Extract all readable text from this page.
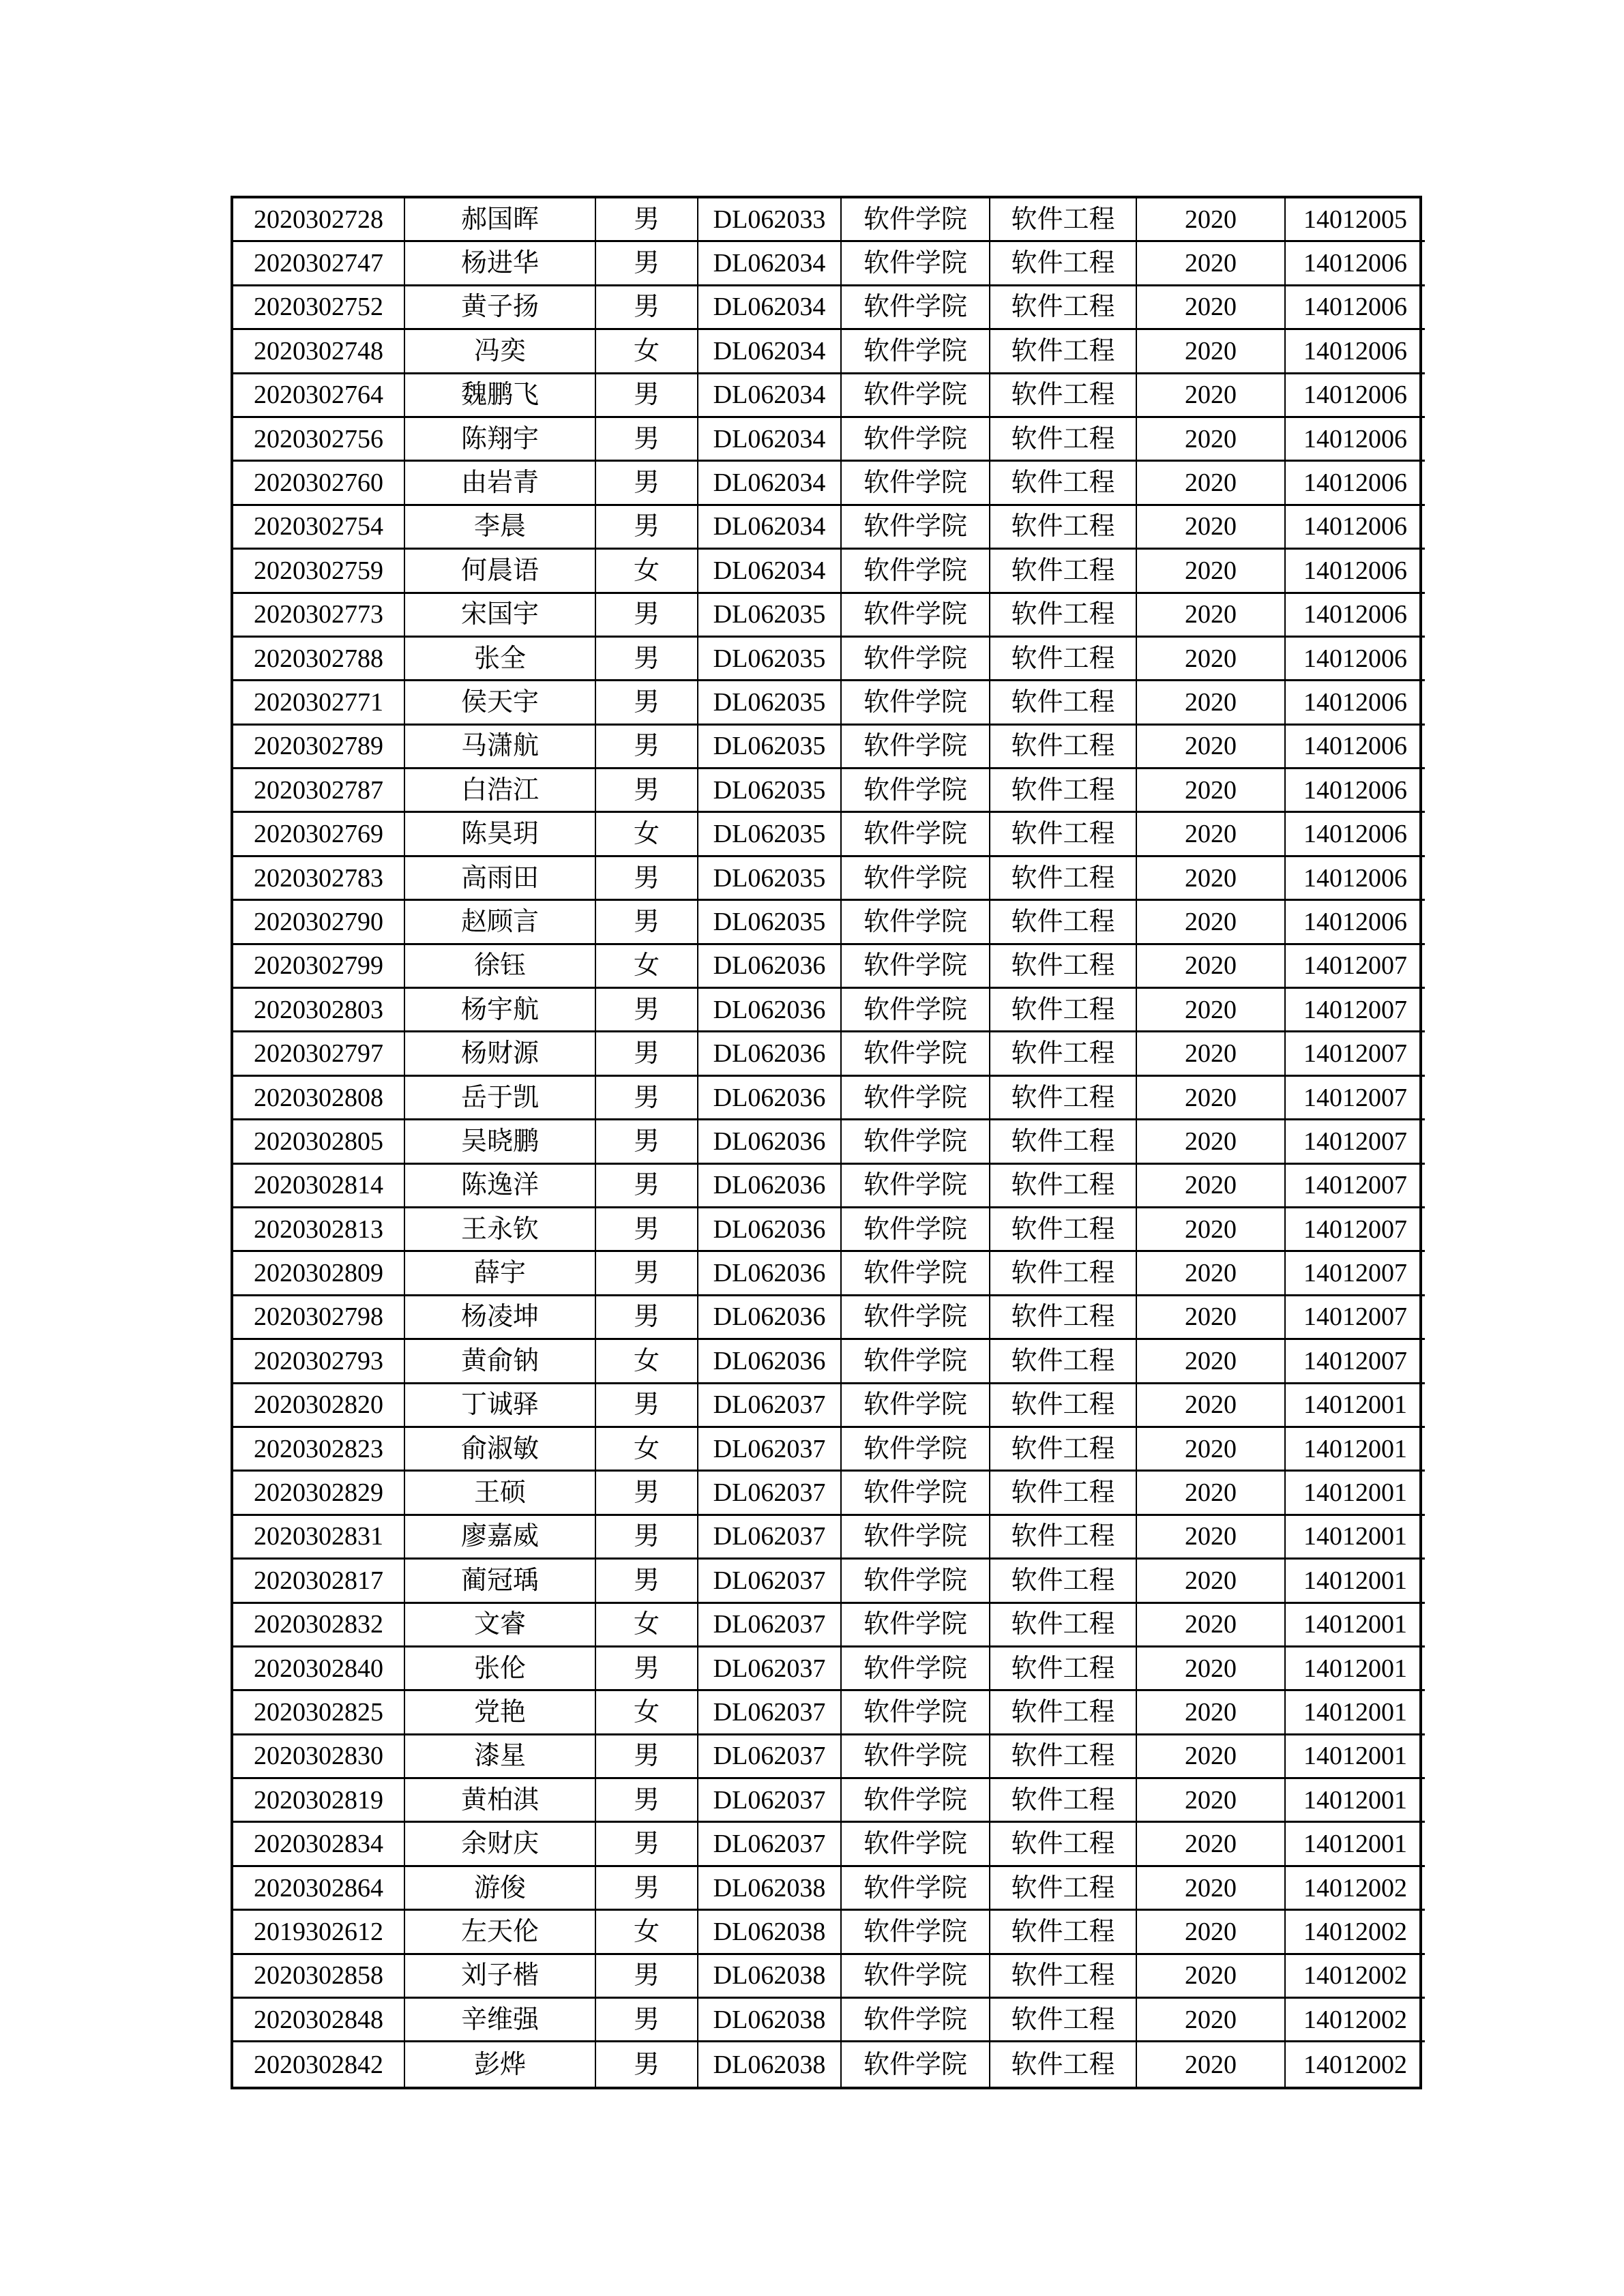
2020302728	郝国晖	男	DL062033	软件学院	软件工程	2020	14012005
2020302747	杨进华	男	DL062034	软件学院	软件工程	2020	14012006
2020302752	黄子扬	男	DL062034	软件学院	软件工程	2020	14012006
2020302748	冯奕	女	DL062034	软件学院	软件工程	2020	14012006
2020302764	魏鹏飞	男	DL062034	软件学院	软件工程	2020	14012006
2020302756	陈翔宇	男	DL062034	软件学院	软件工程	2020	14012006
2020302760	由岩青	男	DL062034	软件学院	软件工程	2020	14012006
2020302754	李晨	男	DL062034	软件学院	软件工程	2020	14012006
2020302759	何晨语	女	DL062034	软件学院	软件工程	2020	14012006
2020302773	宋国宇	男	DL062035	软件学院	软件工程	2020	14012006
2020302788	张全	男	DL062035	软件学院	软件工程	2020	14012006
2020302771	侯天宇	男	DL062035	软件学院	软件工程	2020	14012006
2020302789	马潇航	男	DL062035	软件学院	软件工程	2020	14012006
2020302787	白浩江	男	DL062035	软件学院	软件工程	2020	14012006
2020302769	陈昊玥	女	DL062035	软件学院	软件工程	2020	14012006
2020302783	高雨田	男	DL062035	软件学院	软件工程	2020	14012006
2020302790	赵顾言	男	DL062035	软件学院	软件工程	2020	14012006
2020302799	徐钰	女	DL062036	软件学院	软件工程	2020	14012007
2020302803	杨宇航	男	DL062036	软件学院	软件工程	2020	14012007
2020302797	杨财源	男	DL062036	软件学院	软件工程	2020	14012007
2020302808	岳于凯	男	DL062036	软件学院	软件工程	2020	14012007
2020302805	吴晓鹏	男	DL062036	软件学院	软件工程	2020	14012007
2020302814	陈逸洋	男	DL062036	软件学院	软件工程	2020	14012007
2020302813	王永钦	男	DL062036	软件学院	软件工程	2020	14012007
2020302809	薛宇	男	DL062036	软件学院	软件工程	2020	14012007
2020302798	杨凌坤	男	DL062036	软件学院	软件工程	2020	14012007
2020302793	黄俞钠	女	DL062036	软件学院	软件工程	2020	14012007
2020302820	丁诚驿	男	DL062037	软件学院	软件工程	2020	14012001
2020302823	俞淑敏	女	DL062037	软件学院	软件工程	2020	14012001
2020302829	王硕	男	DL062037	软件学院	软件工程	2020	14012001
2020302831	廖嘉威	男	DL062037	软件学院	软件工程	2020	14012001
2020302817	蔺冠瑀	男	DL062037	软件学院	软件工程	2020	14012001
2020302832	文睿	女	DL062037	软件学院	软件工程	2020	14012001
2020302840	张伦	男	DL062037	软件学院	软件工程	2020	14012001
2020302825	党艳	女	DL062037	软件学院	软件工程	2020	14012001
2020302830	漆星	男	DL062037	软件学院	软件工程	2020	14012001
2020302819	黄柏淇	男	DL062037	软件学院	软件工程	2020	14012001
2020302834	余财庆	男	DL062037	软件学院	软件工程	2020	14012001
2020302864	游俊	男	DL062038	软件学院	软件工程	2020	14012002
2019302612	左天伦	女	DL062038	软件学院	软件工程	2020	14012002
2020302858	刘子楷	男	DL062038	软件学院	软件工程	2020	14012002
2020302848	辛维强	男	DL062038	软件学院	软件工程	2020	14012002
2020302842	彭烨	男	DL062038	软件学院	软件工程	2020	14012002
